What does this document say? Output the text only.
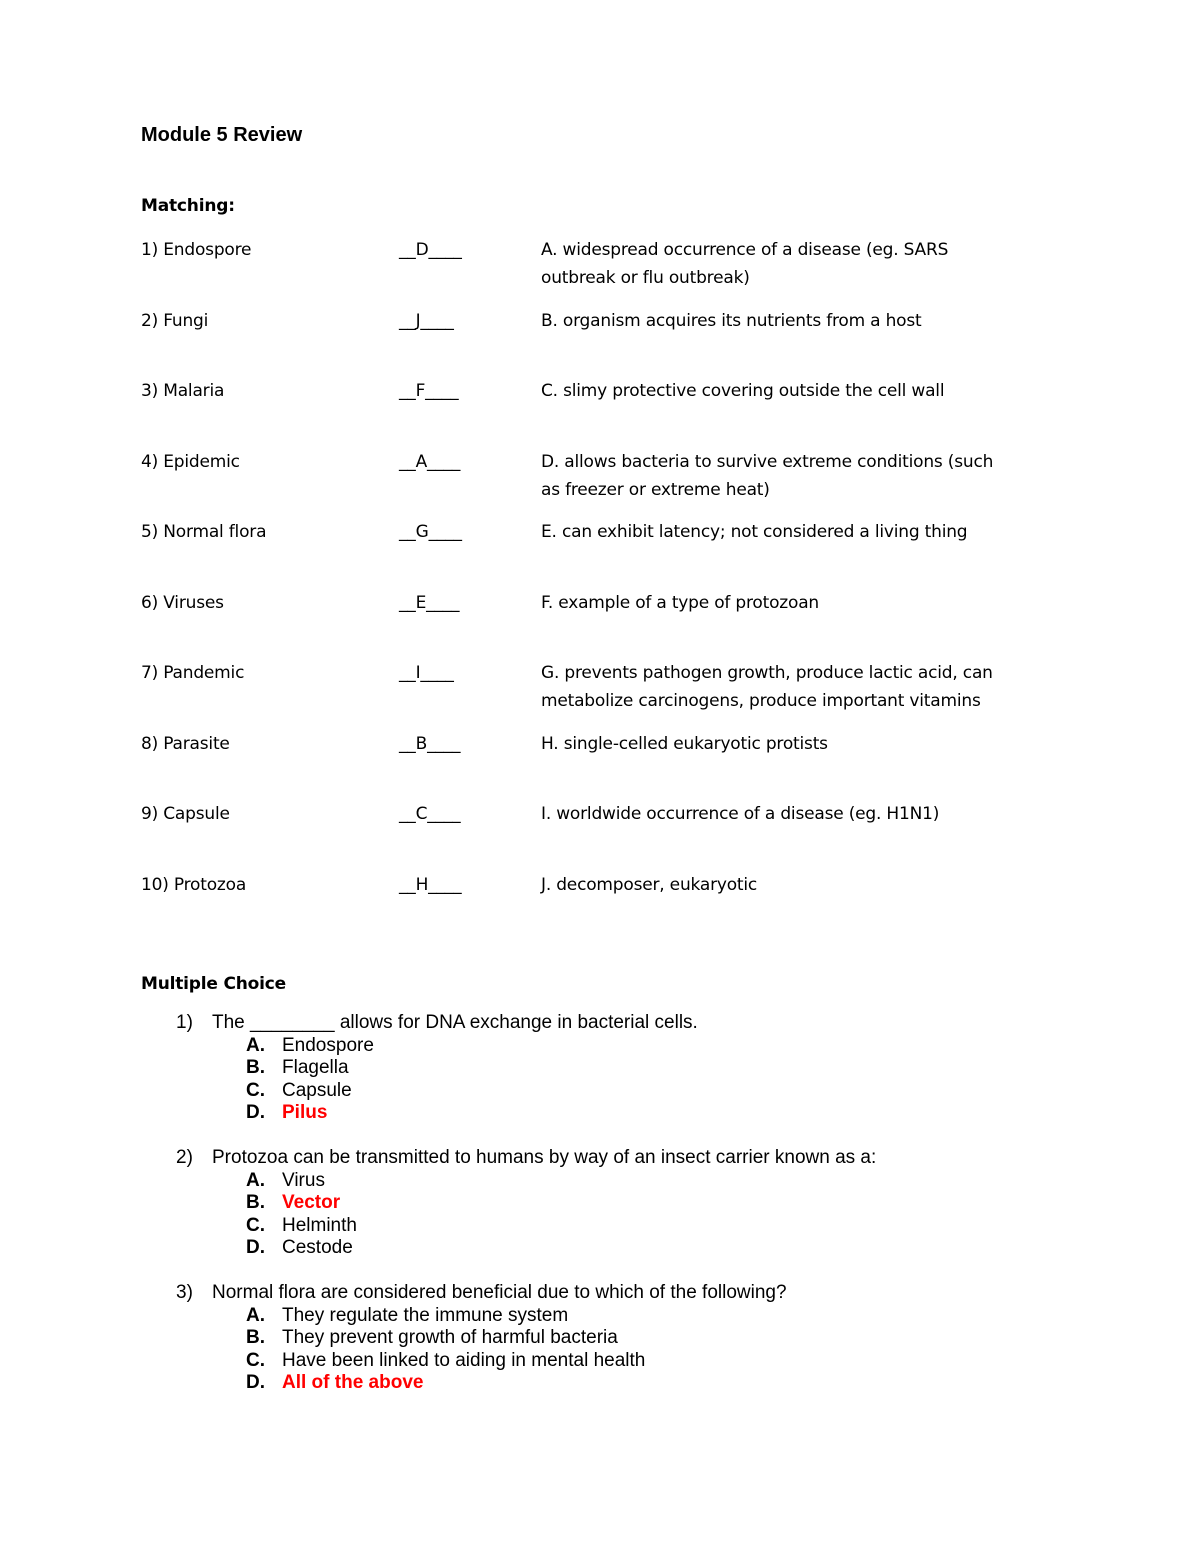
Module 5 Review
Matching:
1) Endospore	__D____	A. widespread occurrence of a disease (eg. SARS outbreak or flu outbreak)
2) Fungi	__J____	B. organism acquires its nutrients from a host
3) Malaria	__F____	C. slimy protective covering outside the cell wall
4) Epidemic	__A____	D. allows bacteria to survive extreme conditions (such as freezer or extreme heat)
5) Normal flora	__G____	E. can exhibit latency; not considered a living thing
6) Viruses	__E____	F. example of a type of protozoan
7) Pandemic	__I____	G. prevents pathogen growth, produce lactic acid, can metabolize carcinogens, produce important vitamins
8) Parasite	__B____	H. single-celled eukaryotic protists
9) Capsule	__C____	I. worldwide occurrence of a disease (eg. H1N1)
10) Protozoa	__H____	J. decomposer, eukaryotic
Multiple Choice
1) The ________ allows for DNA exchange in bacterial cells.
A. Endospore
B. Flagella
C. Capsule
D. Pilus
2) Protozoa can be transmitted to humans by way of an insect carrier known as a:
A. Virus
B. Vector
C. Helminth
D. Cestode
3) Normal flora are considered beneficial due to which of the following?
A. They regulate the immune system
B. They prevent growth of harmful bacteria
C. Have been linked to aiding in mental health
D. All of the above
